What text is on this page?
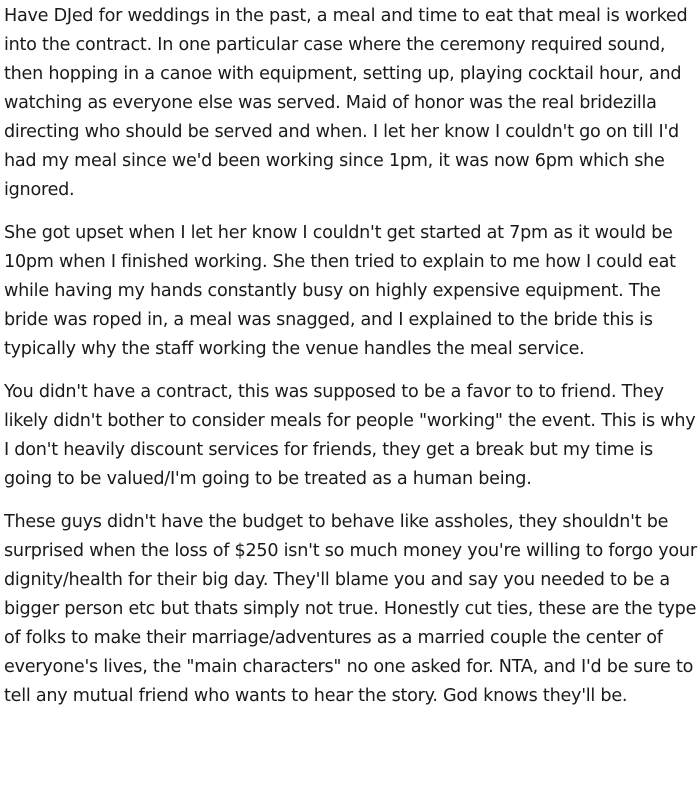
Have DJed for weddings in the past, a meal and time to eat that meal is worked into the contract. In one particular case where the ceremony required sound, then hopping in a canoe with equipment, setting up, playing cocktail hour, and watching as everyone else was served. Maid of honor was the real bridezilla directing who should be served and when. I let her know I couldn't go on till I'd had my meal since we'd been working since 1pm, it was now 6pm which she ignored.

She got upset when I let her know I couldn't get started at 7pm as it would be 10pm when I finished working. She then tried to explain to me how I could eat while having my hands constantly busy on highly expensive equipment. The bride was roped in, a meal was snagged, and I explained to the bride this is typically why the staff working the venue handles the meal service.

You didn't have a contract, this was supposed to be a favor to to friend. They likely didn't bother to consider meals for people "working" the event. This is why I don't heavily discount services for friends, they get a break but my time is going to be valued/I'm going to be treated as a human being.

These guys didn't have the budget to behave like assholes, they shouldn't be surprised when the loss of $250 isn't so much money you're willing to forgo your dignity/health for their big day. They'll blame you and say you needed to be a bigger person etc but thats simply not true. Honestly cut ties, these are the type of folks to make their marriage/adventures as a married couple the center of everyone's lives, the "main characters" no one asked for. NTA, and I'd be sure to tell any mutual friend who wants to hear the story. God knows they'll be.
